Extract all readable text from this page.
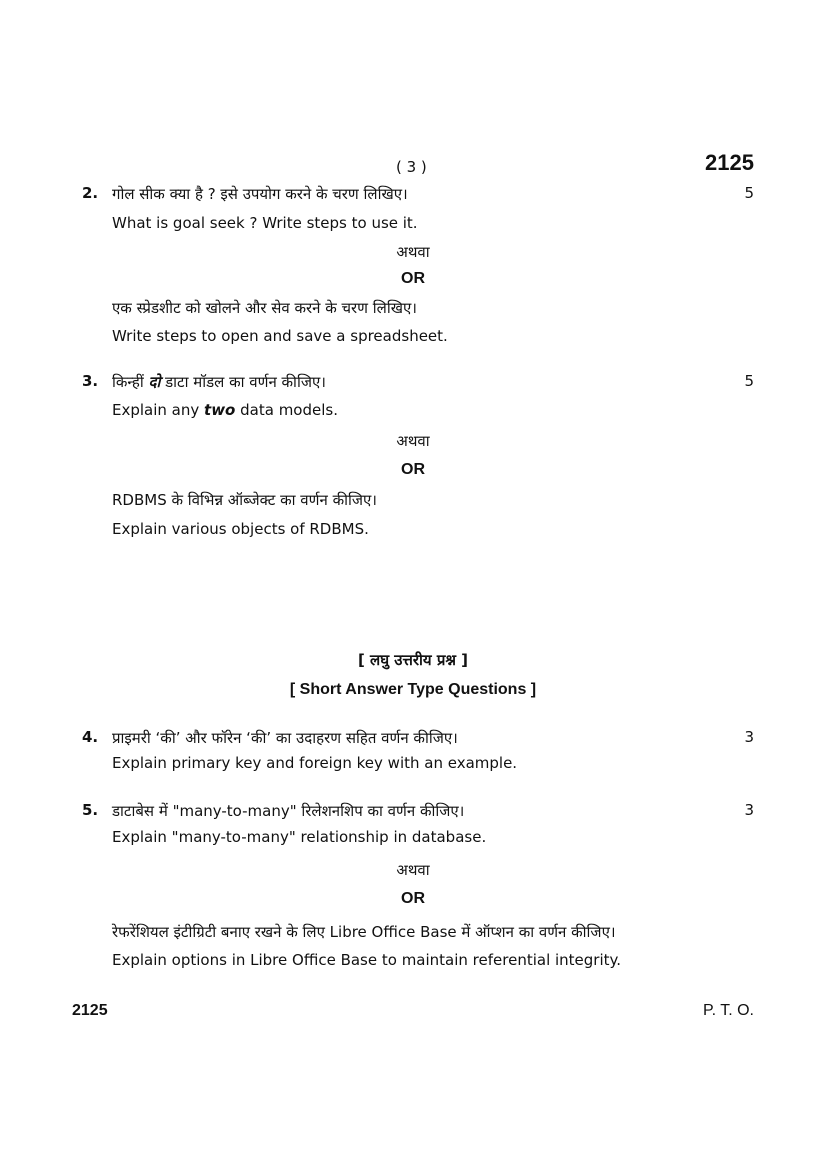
( 3 )	2125
2. गोल सीक क्या है ? इसे उपयोग करने के चरण लिखिए।	5
What is goal seek ? Write steps to use it.
अथवा
OR
एक स्प्रेडशीट को खोलने और सेव करने के चरण लिखिए।
Write steps to open and save a spreadsheet.
3. किन्हीं दो डाटा मॉडल का वर्णन कीजिए।	5
Explain any two data models.
अथवा
OR
RDBMS के विभिन्न ऑब्जेक्ट का वर्णन कीजिए।
Explain various objects of RDBMS.
[ लघु उत्तरीय प्रश्न ]
[ Short Answer Type Questions ]
4. प्राइमरी ‘की’ और फॉरेन ‘की’ का उदाहरण सहित वर्णन कीजिए।	3
Explain primary key and foreign key with an example.
5. डाटाबेस में "many-to-many" रिलेशनशिप का वर्णन कीजिए।	3
Explain "many-to-many" relationship in database.
अथवा
OR
रेफरेंशियल इंटीग्रिटी बनाए रखने के लिए Libre Office Base में ऑप्शन का वर्णन कीजिए।
Explain options in Libre Office Base to maintain referential integrity.
2125	P. T. O.
